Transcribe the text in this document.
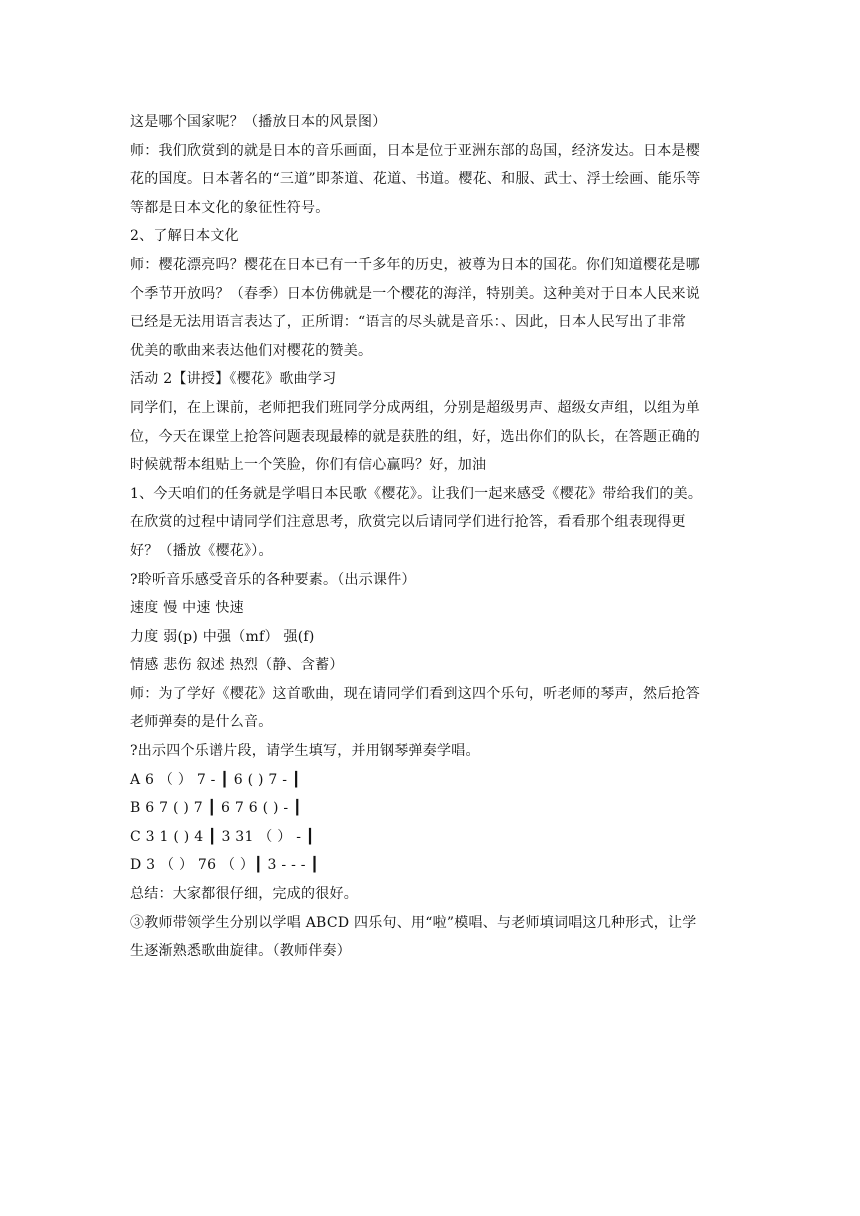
这是哪个国家呢？（播放日本的风景图）
师：我们欣赏到的就是日本的音乐画面，日本是位于亚洲东部的岛国，经济发达。日本是樱
花的国度。日本著名的“三道”即茶道、花道、书道。樱花、和服、武士、浮士绘画、能乐等
等都是日本文化的象征性符号。
2、了解日本文化
师：樱花漂亮吗？樱花在日本已有一千多年的历史，被尊为日本的国花。你们知道樱花是哪
个季节开放吗？（春季）日本仿佛就是一个樱花的海洋，特别美。这种美对于日本人民来说
已经是无法用语言表达了，正所谓：“语言的尽头就是音乐：、因此，日本人民写出了非常
优美的歌曲来表达他们对樱花的赞美。
活动 2【讲授】《樱花》歌曲学习
同学们，在上课前，老师把我们班同学分成两组，分别是超级男声、超级女声组，以组为单
位，今天在课堂上抢答问题表现最棒的就是获胜的组，好，选出你们的队长，在答题正确的
时候就帮本组贴上一个笑脸，你们有信心赢吗？好，加油
1、今天咱们的任务就是学唱日本民歌《樱花》。让我们一起来感受《樱花》带给我们的美。
在欣赏的过程中请同学们注意思考，欣赏完以后请同学们进行抢答，看看那个组表现得更
好？（播放《樱花》）。
?聆听音乐感受音乐的各种要素。（出示课件）
速度 慢 中速 快速
力度 弱(p) 中强（mf） 强(f)
情感 悲伤 叙述 热烈（静、含蓄）
师：为了学好《樱花》这首歌曲，现在请同学们看到这四个乐句，听老师的琴声，然后抢答
老师弹奏的是什么音。
?出示四个乐谱片段，请学生填写，并用钢琴弹奏学唱。
A 6 （ ） 7 - ┃ 6 ( ) 7 - ┃
B 6 7 ( ) 7 ┃ 6 7 6 ( ) - ┃
C 3 1 ( ) 4 ┃ 3 31 （ ） - ┃
D 3 （ ） 76 （ ）┃ 3 - - - ┃
总结：大家都很仔细，完成的很好。
③教师带领学生分别以学唱 ABCD 四乐句、用“啦”模唱、与老师填词唱这几种形式，让学
生逐渐熟悉歌曲旋律。（教师伴奏）
